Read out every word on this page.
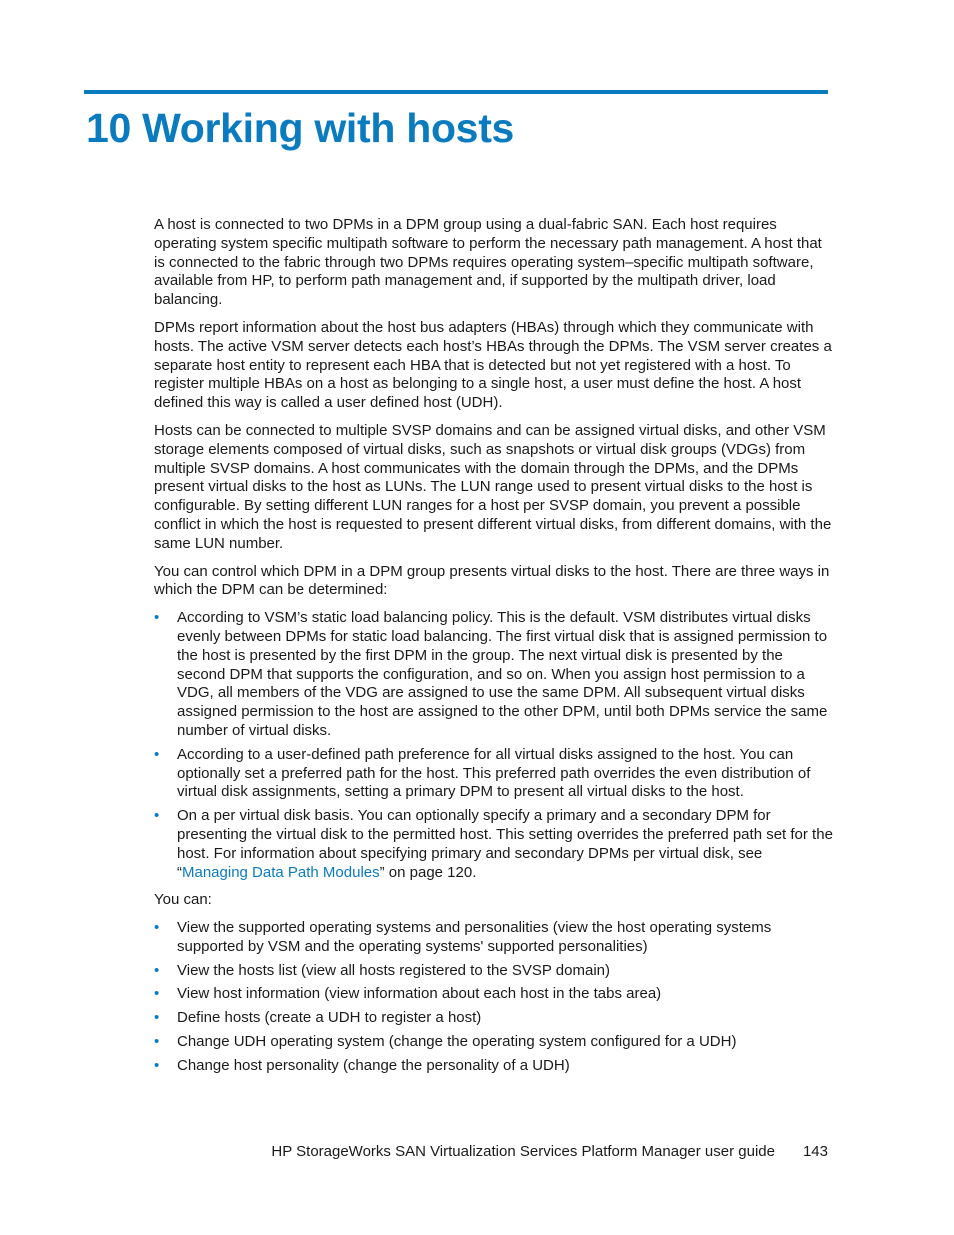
10 Working with hosts

A host is connected to two DPMs in a DPM group using a dual-fabric SAN. Each host requires operating system specific multipath software to perform the necessary path management. A host that is connected to the fabric through two DPMs requires operating system–specific multipath software, available from HP, to perform path management and, if supported by the multipath driver, load balancing.

DPMs report information about the host bus adapters (HBAs) through which they communicate with hosts. The active VSM server detects each host’s HBAs through the DPMs. The VSM server creates a separate host entity to represent each HBA that is detected but not yet registered with a host. To register multiple HBAs on a host as belonging to a single host, a user must define the host. A host defined this way is called a user defined host (UDH).

Hosts can be connected to multiple SVSP domains and can be assigned virtual disks, and other VSM storage elements composed of virtual disks, such as snapshots or virtual disk groups (VDGs) from multiple SVSP domains. A host communicates with the domain through the DPMs, and the DPMs present virtual disks to the host as LUNs. The LUN range used to present virtual disks to the host is configurable. By setting different LUN ranges for a host per SVSP domain, you prevent a possible conflict in which the host is requested to present different virtual disks, from different domains, with the same LUN number.

You can control which DPM in a DPM group presents virtual disks to the host. There are three ways in which the DPM can be determined:

• According to VSM’s static load balancing policy. This is the default. VSM distributes virtual disks evenly between DPMs for static load balancing. The first virtual disk that is assigned permission to the host is presented by the first DPM in the group. The next virtual disk is presented by the second DPM that supports the configuration, and so on. When you assign host permission to a VDG, all members of the VDG are assigned to use the same DPM. All subsequent virtual disks assigned permission to the host are assigned to the other DPM, until both DPMs service the same number of virtual disks.
• According to a user-defined path preference for all virtual disks assigned to the host. You can optionally set a preferred path for the host. This preferred path overrides the even distribution of virtual disk assignments, setting a primary DPM to present all virtual disks to the host.
• On a per virtual disk basis. You can optionally specify a primary and a secondary DPM for presenting the virtual disk to the permitted host. This setting overrides the preferred path set for the host. For information about specifying primary and secondary DPMs per virtual disk, see “Managing Data Path Modules” on page 120.

You can:

• View the supported operating systems and personalities (view the host operating systems supported by VSM and the operating systems' supported personalities)
• View the hosts list (view all hosts registered to the SVSP domain)
• View host information (view information about each host in the tabs area)
• Define hosts (create a UDH to register a host)
• Change UDH operating system (change the operating system configured for a UDH)
• Change host personality (change the personality of a UDH)
HP StorageWorks SAN Virtualization Services Platform Manager user guide 143
